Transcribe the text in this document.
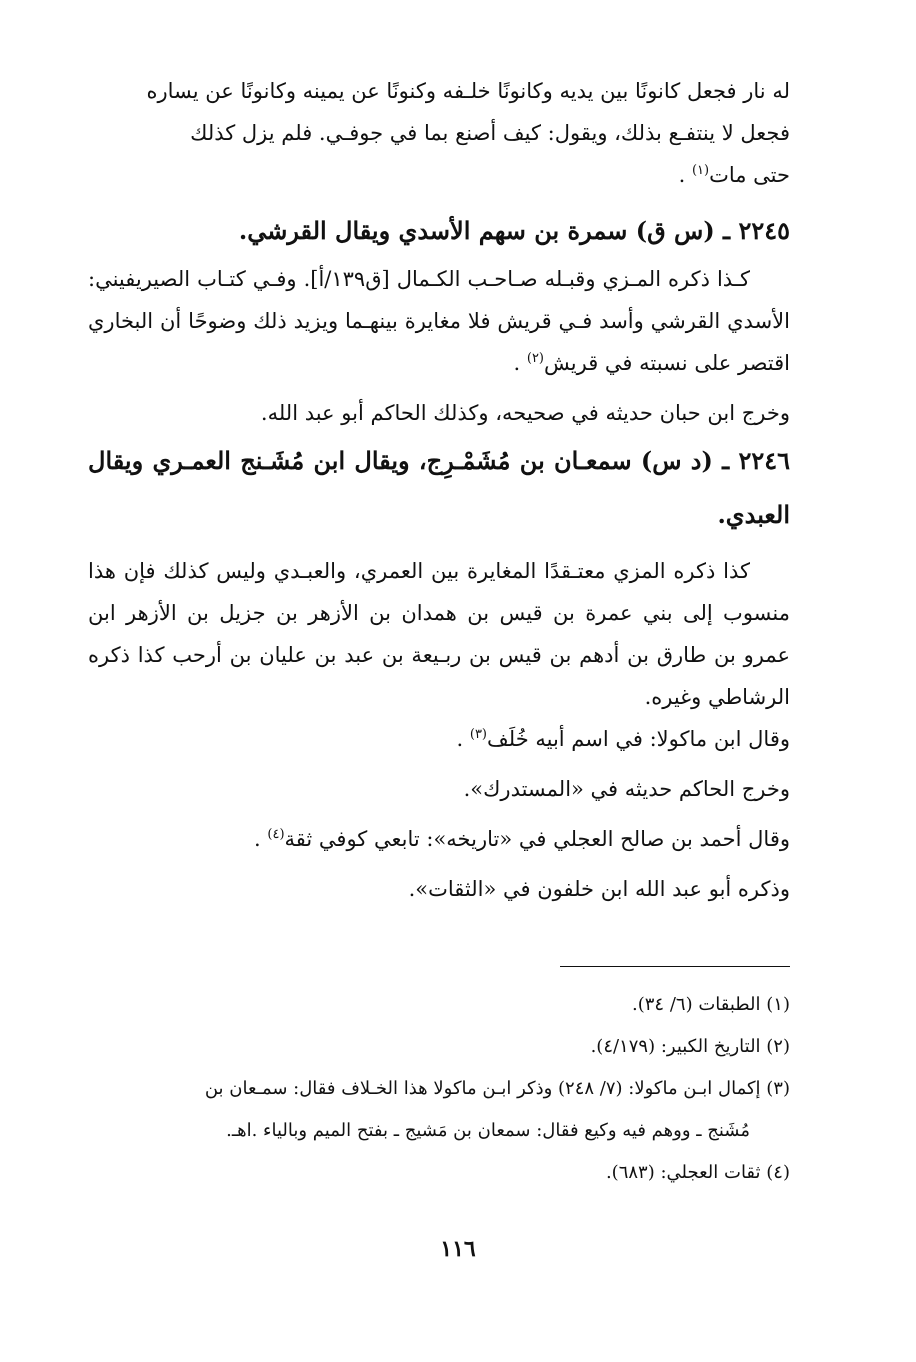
له نار فجعل كانونًا بين يديه وكانونًا خلـفه وكنونًا عن يمينه وكانونًا عن يساره
فجعل لا ينتفـع بذلك، ويقول: كيف أصنع بما في جوفـي. فلم يزل كذلك
حتى مات$^{(١)}$ .

٢٢٤٥ ـ (س ق) سمرة بن سهم الأسدي ويقال القرشي.

كـذا ذكره المـزي وقبـله صـاحـب الكـمال [ق١٣٩/أ]. وفـي كتـاب الصيريفيني: الأسدي القرشي وأسد فـي قريش فلا مغايرة بينهـما ويزيد ذلك وضوحًا أن البخاري اقتصر على نسبته في قريش$^{(٢)}$ .

وخرج ابن حبان حديثه في صحيحه، وكذلك الحاكم أبو عبد الله.

٢٢٤٦ ـ (د س) سمعـان بن مُشَمْـرِج، ويقال ابن مُشَـنج العمـري ويقال العبدي.

كذا ذكره المزي معتـقدًا المغايرة بين العمري، والعبـدي وليس كذلك فإن هذا منسوب إلى بني عمرة بن قيس بن همدان بن الأزهر بن جزيل بن الأزهر ابن عمرو بن طارق بن أدهم بن قيس بن ربـيعة بن عبد بن عليان بن أرحب كذا ذكره الرشاطي وغيره.

وقال ابن ماكولا: في اسم أبيه خُلَف$^{(٣)}$ .

وخرج الحاكم حديثه في «المستدرك».

وقال أحمد بن صالح العجلي في «تاريخه»: تابعي كوفي ثقة$^{(٤)}$ .

وذكره أبو عبد الله ابن خلفون في «الثقات».

(١) الطبقات (٦/ ٣٤).

(٢) التاريخ الكبير: (٤/١٧٩).

(٣) إكمال ابـن ماكولا: (٧/ ٢٤٨) وذكر ابـن ماكولا هذا الخـلاف فقال: سمـعان بن

مُشَنج ـ ووهم فيه وكيع فقال: سمعان بن مَشيج ـ بفتح الميم وبالياء .اهـ.

(٤) ثقات العجلي: (٦٨٣).

١١٦
